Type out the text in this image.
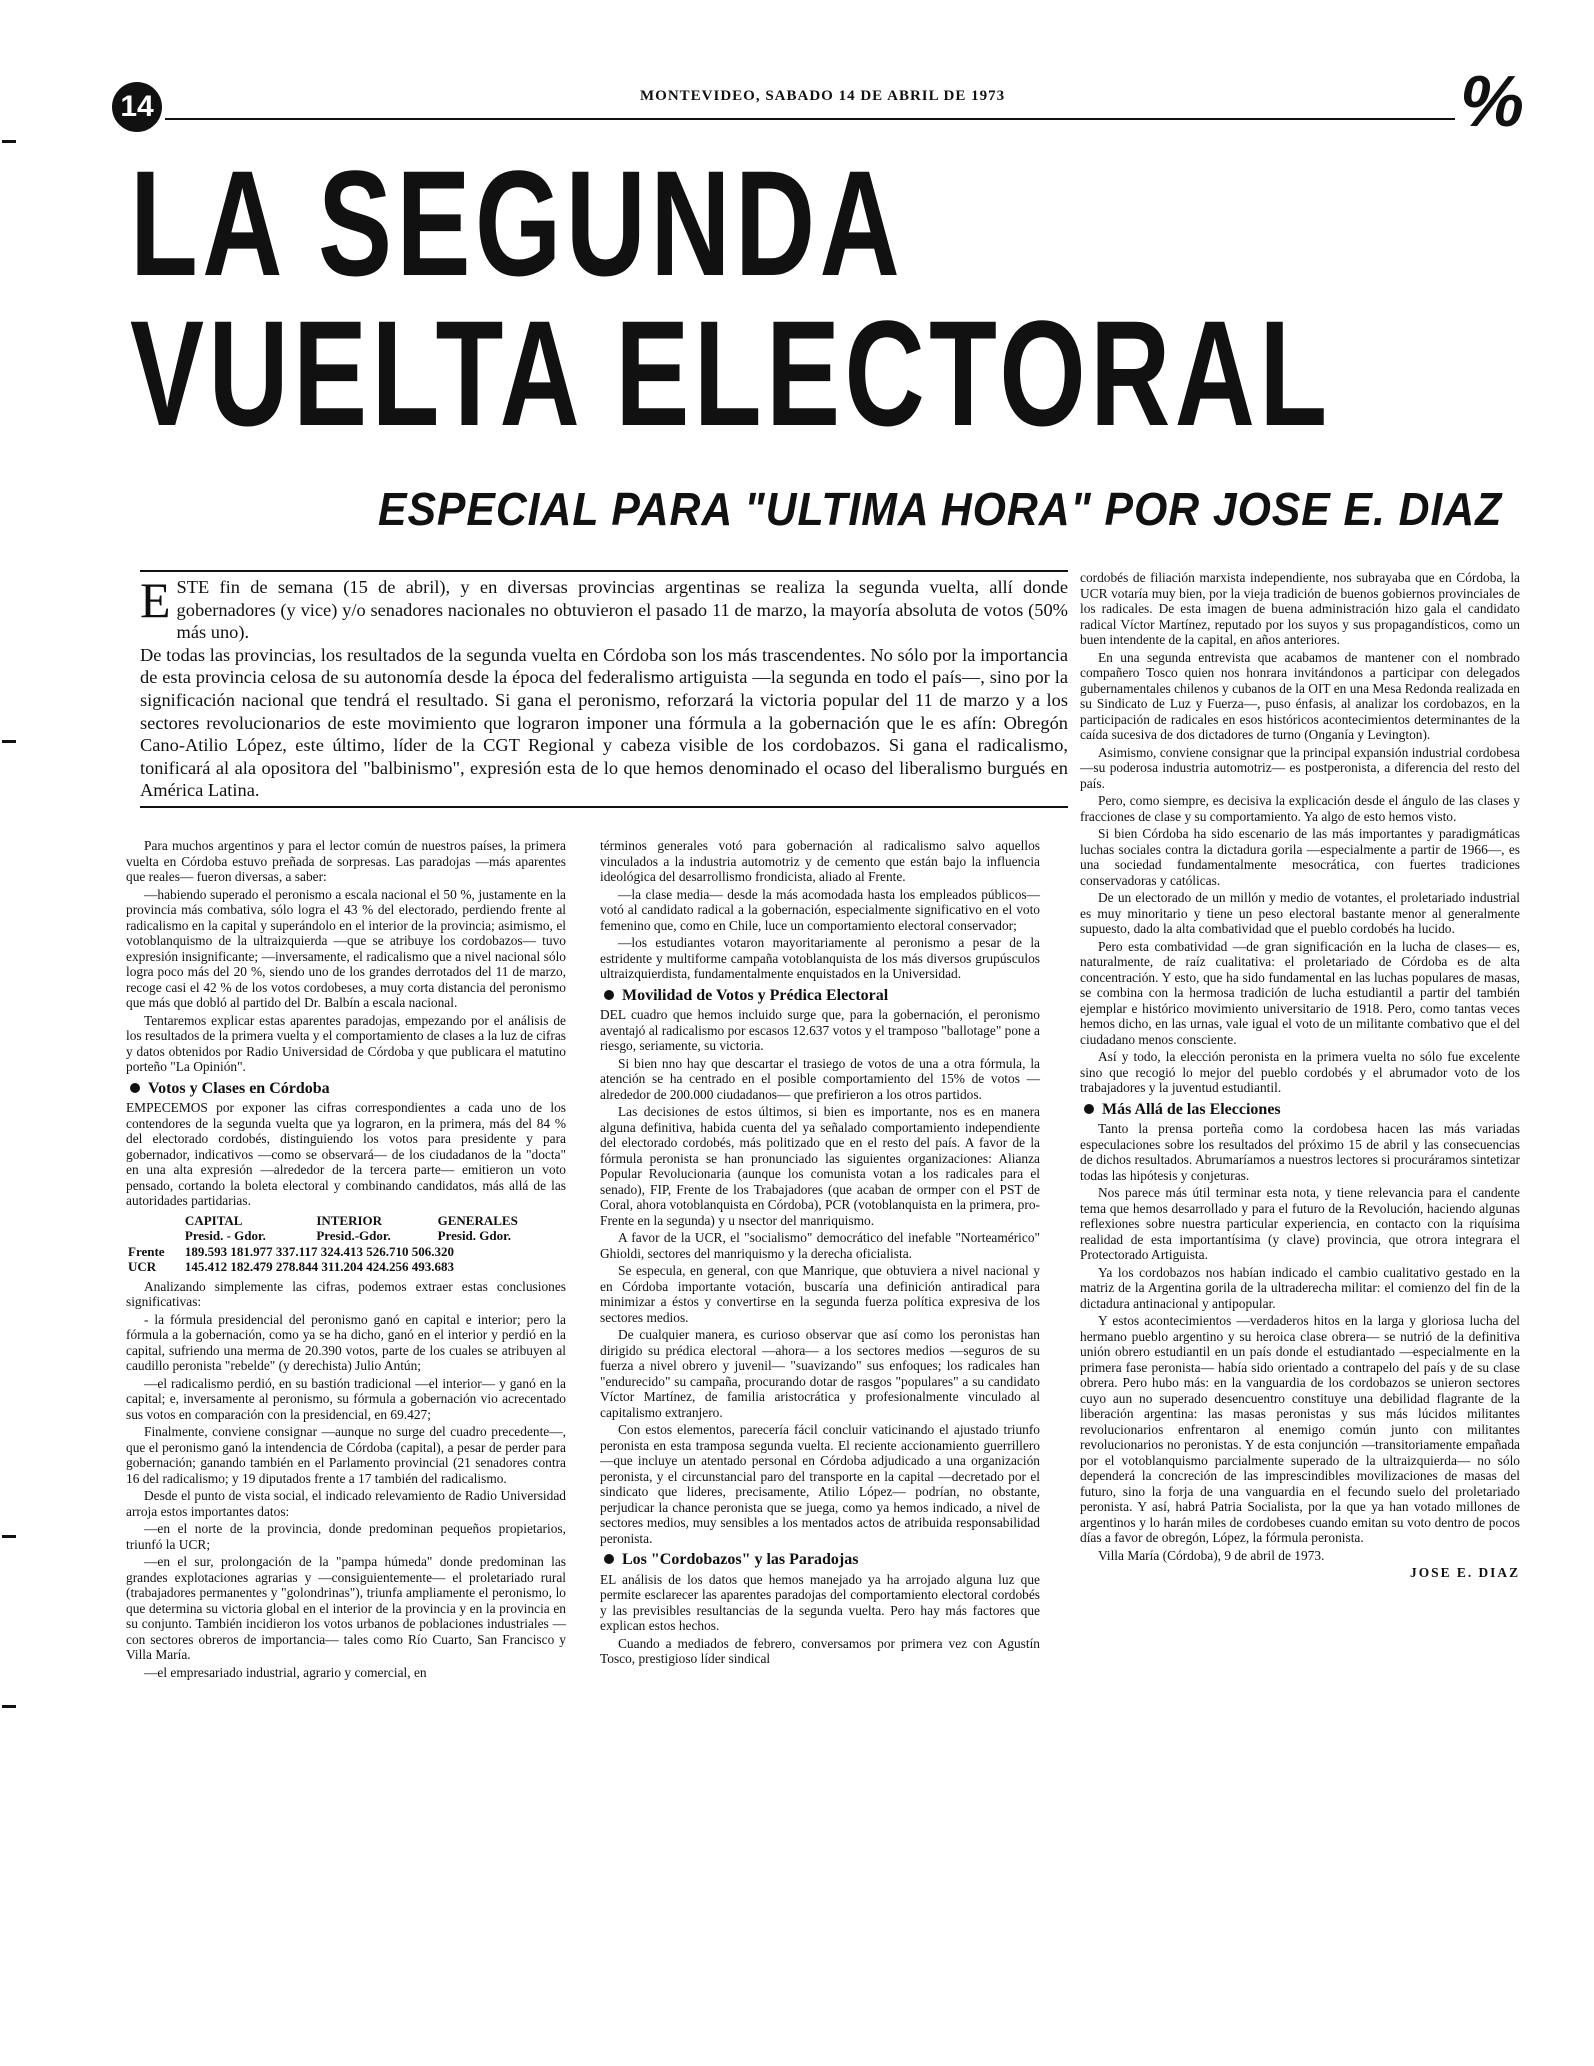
14	MONTEVIDEO, SABADO 14 DE ABRIL DE 1973	%
LA SEGUNDA
VUELTA ELECTORAL
ESPECIAL PARA "ULTIMA HORA" POR JOSE E. DIAZ

ESTE fin de semana (15 de abril), y en diversas provincias argentinas se realiza la segunda vuelta, allí donde gobernadores (y vice) y/o senadores nacionales no obtuvieron el pasado 11 de marzo, la mayoría absoluta de votos (50% más uno).

De todas las provincias, los resultados de la segunda vuelta en Córdoba son los más trascendentes. No sólo por la importancia de esta provincia celosa de su autonomía desde la época del federalismo artiguista —la segunda en todo el país—, sino por la significación nacional que tendrá el resultado. Si gana el peronismo, reforzará la victoria popular del 11 de marzo y a los sectores revolucionarios de este movimiento que lograron imponer una fórmula a la gobernación que le es afín: Obregón Cano-Atilio López, este último, líder de la CGT Regional y cabeza visible de los cordobazos. Si gana el radicalismo, tonificará al ala opositora del "balbinismo", expresión esta de lo que hemos denominado el ocaso del liberalismo burgués en América Latina.

Para muchos argentinos y para el lector común de nuestros países, la primera vuelta en Córdoba estuvo preñada de sorpresas. Las paradojas —más aparentes que reales— fueron diversas, a saber:

—habiendo superado el peronismo a escala nacional el 50 %, justamente en la provincia más combativa, sólo logra el 43 % del electorado, perdiendo frente al radicalismo en la capital y superándolo en el interior de la provincia; asimismo, el votoblanquismo de la ultraizquierda —que se atribuye los cordobazos— tuvo expresión insignificante; —inversamente, el radicalismo que a nivel nacional sólo logra poco más del 20 %, siendo uno de los grandes derrotados del 11 de marzo, recoge casi el 42 % de los votos cordobeses, a muy corta distancia del peronismo que más que dobló al partido del Dr. Balbín a escala nacional.

Tentaremos explicar estas aparentes paradojas, empezando por el análisis de los resultados de la primera vuelta y el comportamiento de clases a la luz de cifras y datos obtenidos por Radio Universidad de Córdoba y que publicara el matutino porteño "La Opinión".

Votos y Clases en Córdoba

EMPECEMOS por exponer las cifras correspondientes a cada uno de los contendores de la segunda vuelta que ya lograron, en la primera, más del 84 % del electorado cordobés, distinguiendo los votos para presidente y para gobernador, indicativos —como se observará— de los ciudadanos de la "docta" en una alta expresión —alrededor de la tercera parte— emitieron un voto pensado, cortando la boleta electoral y combinando candidatos, más allá de las autoridades partidarias.

	CAPITAL	INTERIOR	GENERALES
	Presid. - Gdor.	Presid.-Gdor.	Presid. Gdor.
Frente	189.593 181.977 337.117 324.413 526.710 506.320		
UCR	145.412 182.479 278.844 311.204 424.256 493.683		

Analizando simplemente las cifras, podemos extraer estas conclusiones significativas:

- la fórmula presidencial del peronismo ganó en capital e interior; pero la fórmula a la gobernación, como ya se ha dicho, ganó en el interior y perdió en la capital, sufriendo una merma de 20.390 votos, parte de los cuales se atribuyen al caudillo peronista "rebelde" (y derechista) Julio Antún;

—el radicalismo perdió, en su bastión tradicional —el interior— y ganó en la capital; e, inversamente al peronismo, su fórmula a gobernación vio acrecentado sus votos en comparación con la presidencial, en 69.427;

Finalmente, conviene consignar —aunque no surge del cuadro precedente—, que el peronismo ganó la intendencia de Córdoba (capital), a pesar de perder para gobernación; ganando también en el Parlamento provincial (21 senadores contra 16 del radicalismo; y 19 diputados frente a 17 también del radicalismo.

Desde el punto de vista social, el indicado relevamiento de Radio Universidad arroja estos importantes datos:

—en el norte de la provincia, donde predominan pequeños propietarios, triunfó la UCR;

—en el sur, prolongación de la "pampa húmeda" donde predominan las grandes explotaciones agrarias y —consiguientemente— el proletariado rural (trabajadores permanentes y "golondrinas"), triunfa ampliamente el peronismo, lo que determina su victoria global en el interior de la provincia y en la provincia en su conjunto. También incidieron los votos urbanos de poblaciones industriales —con sectores obreros de importancia— tales como Río Cuarto, San Francisco y Villa María.

—el empresariado industrial, agrario y comercial, en

términos generales votó para gobernación al radicalismo salvo aquellos vinculados a la industria automotriz y de cemento que están bajo la influencia ideológica del desarrollismo frondicista, aliado al Frente.

—la clase media— desde la más acomodada hasta los empleados públicos— votó al candidato radical a la gobernación, especialmente significativo en el voto femenino que, como en Chile, luce un comportamiento electoral conservador;

—los estudiantes votaron mayoritariamente al peronismo a pesar de la estridente y multiforme campaña votoblanquista de los más diversos grupúsculos ultraizquierdista, fundamentalmente enquistados en la Universidad.

Movilidad de Votos y Prédica Electoral

DEL cuadro que hemos incluido surge que, para la gobernación, el peronismo aventajó al radicalismo por escasos 12.637 votos y el tramposo "ballotage" pone a riesgo, seriamente, su victoria.

Si bien nno hay que descartar el trasiego de votos de una a otra fórmula, la atención se ha centrado en el posible comportamiento del 15% de votos —alrededor de 200.000 ciudadanos— que prefirieron a los otros partidos.

Las decisiones de estos últimos, si bien es importante, nos es en manera alguna definitiva, habida cuenta del ya señalado comportamiento independiente del electorado cordobés, más politizado que en el resto del país. A favor de la fórmula peronista se han pronunciado las siguientes organizaciones: Alianza Popular Revolucionaria (aunque los comunista votan a los radicales para el senado), FIP, Frente de los Trabajadores (que acaban de ormper con el PST de Coral, ahora votoblanquista en Córdoba), PCR (votoblanquista en la primera, pro-Frente en la segunda) y u nsector del manriquismo.

A favor de la UCR, el "socialismo" democrático del inefable "Norteamérico" Ghioldi, sectores del manriquismo y la derecha oficialista.

Se especula, en general, con que Manrique, que obtuviera a nivel nacional y en Córdoba importante votación, buscaría una definición antiradical para minimizar a éstos y convertirse en la segunda fuerza política expresiva de los sectores medios.

De cualquier manera, es curioso observar que así como los peronistas han dirigido su prédica electoral —ahora— a los sectores medios —seguros de su fuerza a nivel obrero y juvenil— "suavizando" sus enfoques; los radicales han "endurecido" su campaña, procurando dotar de rasgos "populares" a su candidato Víctor Martínez, de familia aristocrática y profesionalmente vinculado al capitalismo extranjero.

Con estos elementos, parecería fácil concluir vaticinando el ajustado triunfo peronista en esta tramposa segunda vuelta. El reciente accionamiento guerrillero —que incluye un atentado personal en Córdoba adjudicado a una organización peronista, y el circunstancial paro del transporte en la capital —decretado por el sindicato que lideres, precisamente, Atilio López— podrían, no obstante, perjudicar la chance peronista que se juega, como ya hemos indicado, a nivel de sectores medios, muy sensibles a los mentados actos de atribuida responsabilidad peronista.

Los "Cordobazos" y las Paradojas

EL análisis de los datos que hemos manejado ya ha arrojado alguna luz que permite esclarecer las aparentes paradojas del comportamiento electoral cordobés y las previsibles resultancias de la segunda vuelta. Pero hay más factores que explican estos hechos.

Cuando a mediados de febrero, conversamos por primera vez con Agustín Tosco, prestigioso líder sindical

cordobés de filiación marxista independiente, nos subrayaba que en Córdoba, la UCR votaría muy bien, por la vieja tradición de buenos gobiernos provinciales de los radicales. De esta imagen de buena administración hizo gala el candidato radical Víctor Martínez, reputado por los suyos y sus propagandísticos, como un buen intendente de la capital, en años anteriores.

En una segunda entrevista que acabamos de mantener con el nombrado compañero Tosco quien nos honrara invitándonos a participar con delegados gubernamentales chilenos y cubanos de la OIT en una Mesa Redonda realizada en su Sindicato de Luz y Fuerza—, puso énfasis, al analizar los cordobazos, en la participación de radicales en esos históricos acontecimientos determinantes de la caída sucesiva de dos dictadores de turno (Onganía y Levington).

Asimismo, conviene consignar que la principal expansión industrial cordobesa —su poderosa industria automotriz— es postperonista, a diferencia del resto del país.

Pero, como siempre, es decisiva la explicación desde el ángulo de las clases y fracciones de clase y su comportamiento. Ya algo de esto hemos visto.

Si bien Córdoba ha sido escenario de las más importantes y paradigmáticas luchas sociales contra la dictadura gorila —especialmente a partir de 1966—, es una sociedad fundamentalmente mesocrática, con fuertes tradiciones conservadoras y católicas.

De un electorado de un millón y medio de votantes, el proletariado industrial es muy minoritario y tiene un peso electoral bastante menor al generalmente supuesto, dado la alta combatividad que el pueblo cordobés ha lucido.

Pero esta combatividad —de gran significación en la lucha de clases— es, naturalmente, de raíz cualitativa: el proletariado de Córdoba es de alta concentración. Y esto, que ha sido fundamental en las luchas populares de masas, se combina con la hermosa tradición de lucha estudiantil a partir del también ejemplar e histórico movimiento universitario de 1918. Pero, como tantas veces hemos dicho, en las urnas, vale igual el voto de un militante combativo que el del ciudadano menos consciente.

Así y todo, la elección peronista en la primera vuelta no sólo fue excelente sino que recogió lo mejor del pueblo cordobés y el abrumador voto de los trabajadores y la juventud estudiantil.

Más Allá de las Elecciones

Tanto la prensa porteña como la cordobesa hacen las más variadas especulaciones sobre los resultados del próximo 15 de abril y las consecuencias de dichos resultados. Abrumaríamos a nuestros lectores si procuráramos sintetizar todas las hipótesis y conjeturas.

Nos parece más útil terminar esta nota, y tiene relevancia para el candente tema que hemos desarrollado y para el futuro de la Revolución, haciendo algunas reflexiones sobre nuestra particular experiencia, en contacto con la riquísima realidad de esta importantísima (y clave) provincia, que otrora integrara el Protectorado Artiguista.

Ya los cordobazos nos habían indicado el cambio cualitativo gestado en la matriz de la Argentina gorila de la ultraderecha militar: el comienzo del fin de la dictadura antinacional y antipopular.

Y estos acontecimientos —verdaderos hitos en la larga y gloriosa lucha del hermano pueblo argentino y su heroica clase obrera— se nutrió de la definitiva unión obrero estudiantil en un país donde el estudiantado —especialmente en la primera fase peronista— había sido orientado a contrapelo del país y de su clase obrera. Pero hubo más: en la vanguardia de los cordobazos se unieron sectores cuyo aun no superado desencuentro constituye una debilidad flagrante de la liberación argentina: las masas peronistas y sus más lúcidos militantes revolucionarios enfrentaron al enemigo común junto con militantes revolucionarios no peronistas. Y de esta conjunción —transitoriamente empañada por el votoblanquismo parcialmente superado de la ultraizquierda— no sólo dependerá la concreción de las imprescindibles movilizaciones de masas del futuro, sino la forja de una vanguardia en el fecundo suelo del proletariado peronista. Y así, habrá Patria Socialista, por la que ya han votado millones de argentinos y lo harán miles de cordobeses cuando emitan su voto dentro de pocos días a favor de obregón, López, la fórmula peronista.

Villa María (Córdoba), 9 de abril de 1973.

JOSE E. DIAZ
